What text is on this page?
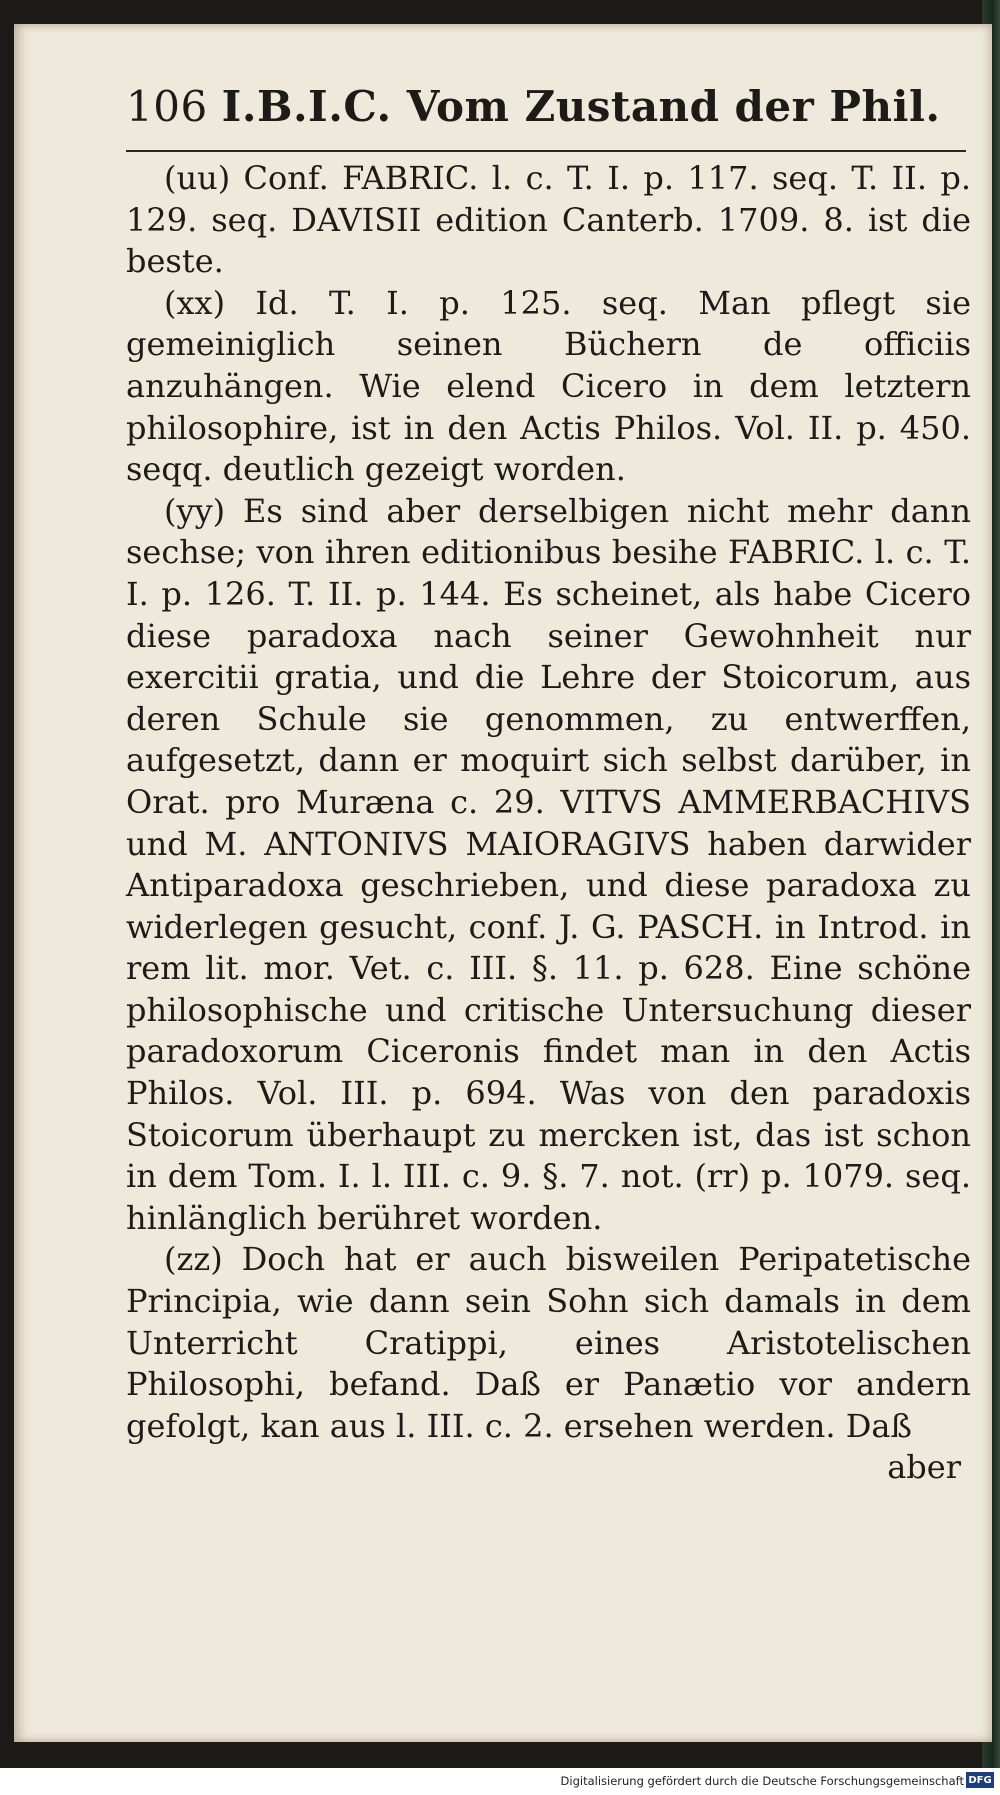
106 I.B.I.C. Vom Zustand der Phil.

(uu) Conf. FABRIC. l. c. T. I. p. 117. seq. T. II. p. 129. seq. DAVISII edition Canterb. 1709. 8. ist die beste.

(xx) Id. T. I. p. 125. seq. Man pflegt sie gemeiniglich seinen Büchern de officiis anzuhängen. Wie elend Cicero in dem letztern philosophire, ist in den Actis Philos. Vol. II. p. 450. seqq. deutlich gezeigt worden.

(yy) Es sind aber derselbigen nicht mehr dann sechse; von ihren editionibus besihe FABRIC. l. c. T. I. p. 126. T. II. p. 144. Es scheinet, als habe Cicero diese paradoxa nach seiner Gewohnheit nur exercitii gratia, und die Lehre der Stoicorum, aus deren Schule sie genommen, zu entwerffen, aufgesetzt, dann er moquirt sich selbst darüber, in Orat. pro Muræna c. 29. VITVS AMMERBACHIVS und M. ANTONIVS MAIORAGIVS haben darwider Antiparadoxa geschrieben, und diese paradoxa zu widerlegen gesucht, conf. J. G. PASCH. in Introd. in rem lit. mor. Vet. c. III. §. 11. p. 628. Eine schöne philosophische und critische Untersuchung dieser paradoxorum Ciceronis findet man in den Actis Philos. Vol. III. p. 694. Was von den paradoxis Stoicorum überhaupt zu mercken ist, das ist schon in dem Tom. I. l. III. c. 9. §. 7. not. (rr) p. 1079. seq. hinlänglich berühret worden.

(zz) Doch hat er auch bisweilen Peripatetische Principia, wie dann sein Sohn sich damals in dem Unterricht Cratippi, eines Aristotelischen Philosophi, befand. Daß er Panætio vor andern gefolgt, kan aus l. III. c. 2. ersehen werden. Daß

aber
Digitalisierung gefördert durch die Deutsche Forschungsgemeinschaft DFG
